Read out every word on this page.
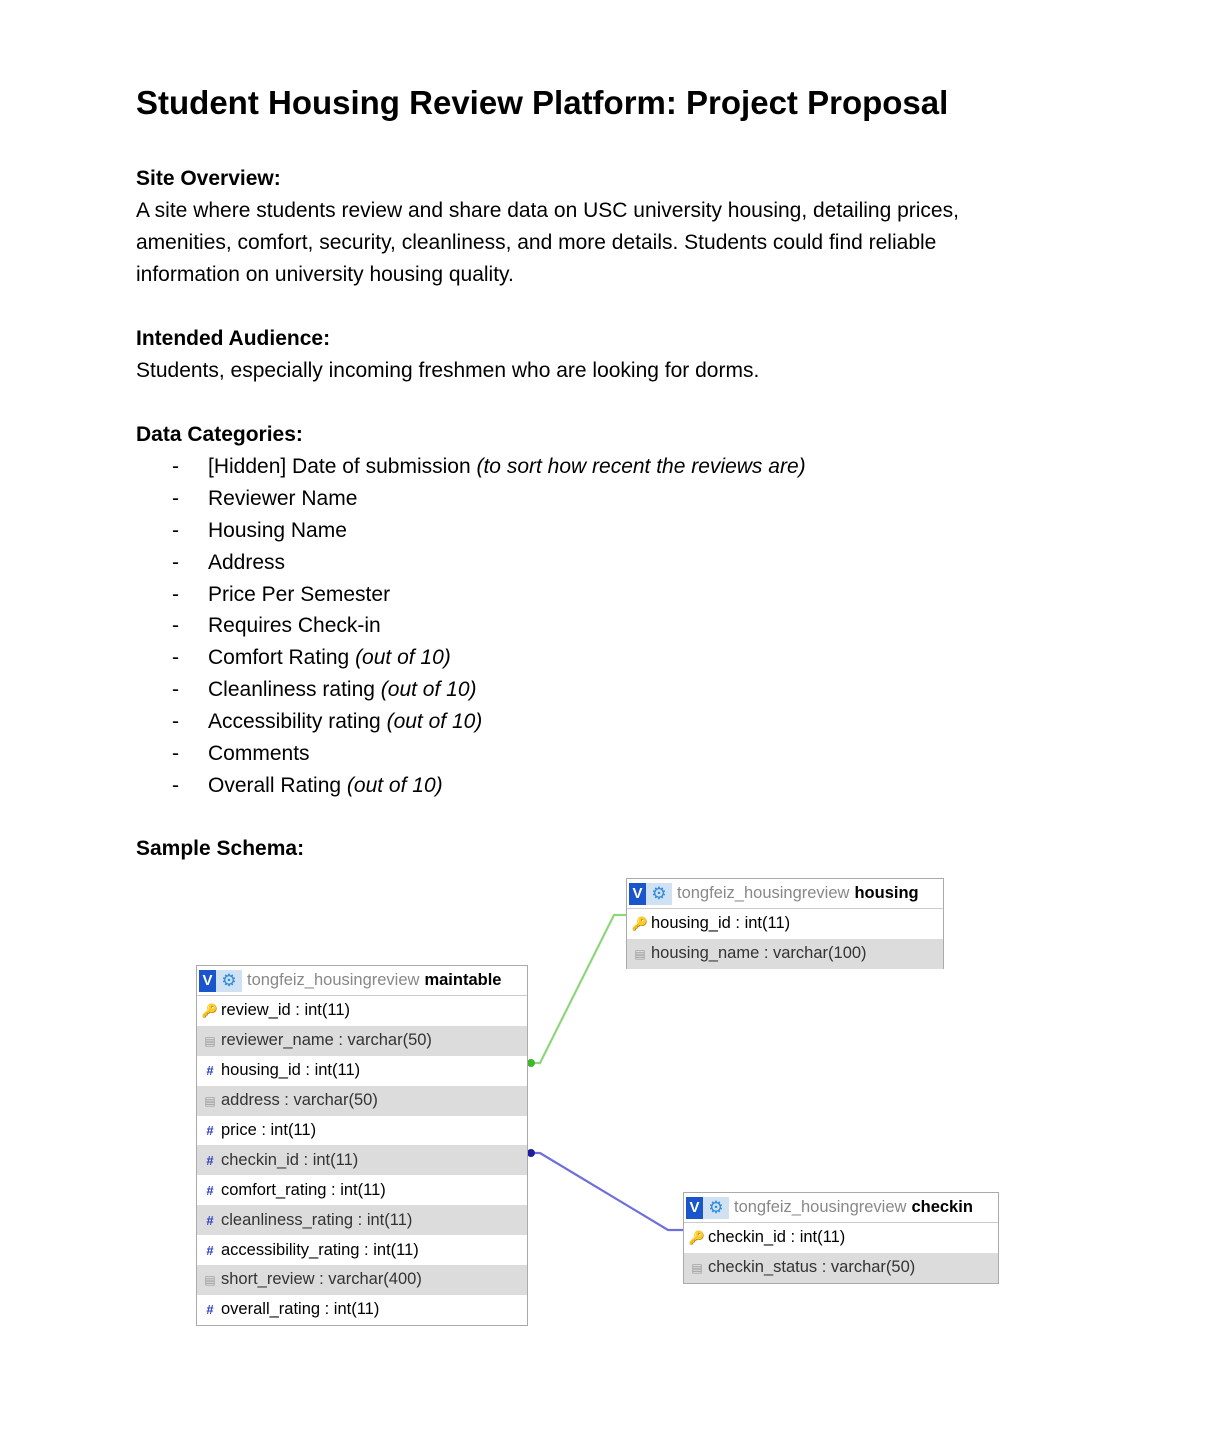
Student Housing Review Platform: Project Proposal
Site Overview:

A site where students review and share data on USC university housing, detailing prices, amenities, comfort, security, cleanliness, and more details. Students could find reliable information on university housing quality.

Intended Audience:

Students, especially incoming freshmen who are looking for dorms.

Data Categories:
- [Hidden] Date of submission (to sort how recent the reviews are)
- Reviewer Name
- Housing Name
- Address
- Price Per Semester
- Requires Check-in
- Comfort Rating (out of 10)
- Cleanliness rating (out of 10)
- Accessibility rating (out of 10)
- Comments
- Overall Rating (out of 10)
Sample Schema:
V ⚙ tongfeiz_housingreview maintable
🔑 review_id : int(11)
▤ reviewer_name : varchar(50)
# housing_id : int(11)
▤ address : varchar(50)
# price : int(11)
# checkin_id : int(11)
# comfort_rating : int(11)
# cleanliness_rating : int(11)
# accessibility_rating : int(11)
▤ short_review : varchar(400)
# overall_rating : int(11)
V ⚙ tongfeiz_housingreview housing
🔑 housing_id : int(11)
▤ housing_name : varchar(100)
V ⚙ tongfeiz_housingreview checkin
🔑 checkin_id : int(11)
▤ checkin_status : varchar(50)
